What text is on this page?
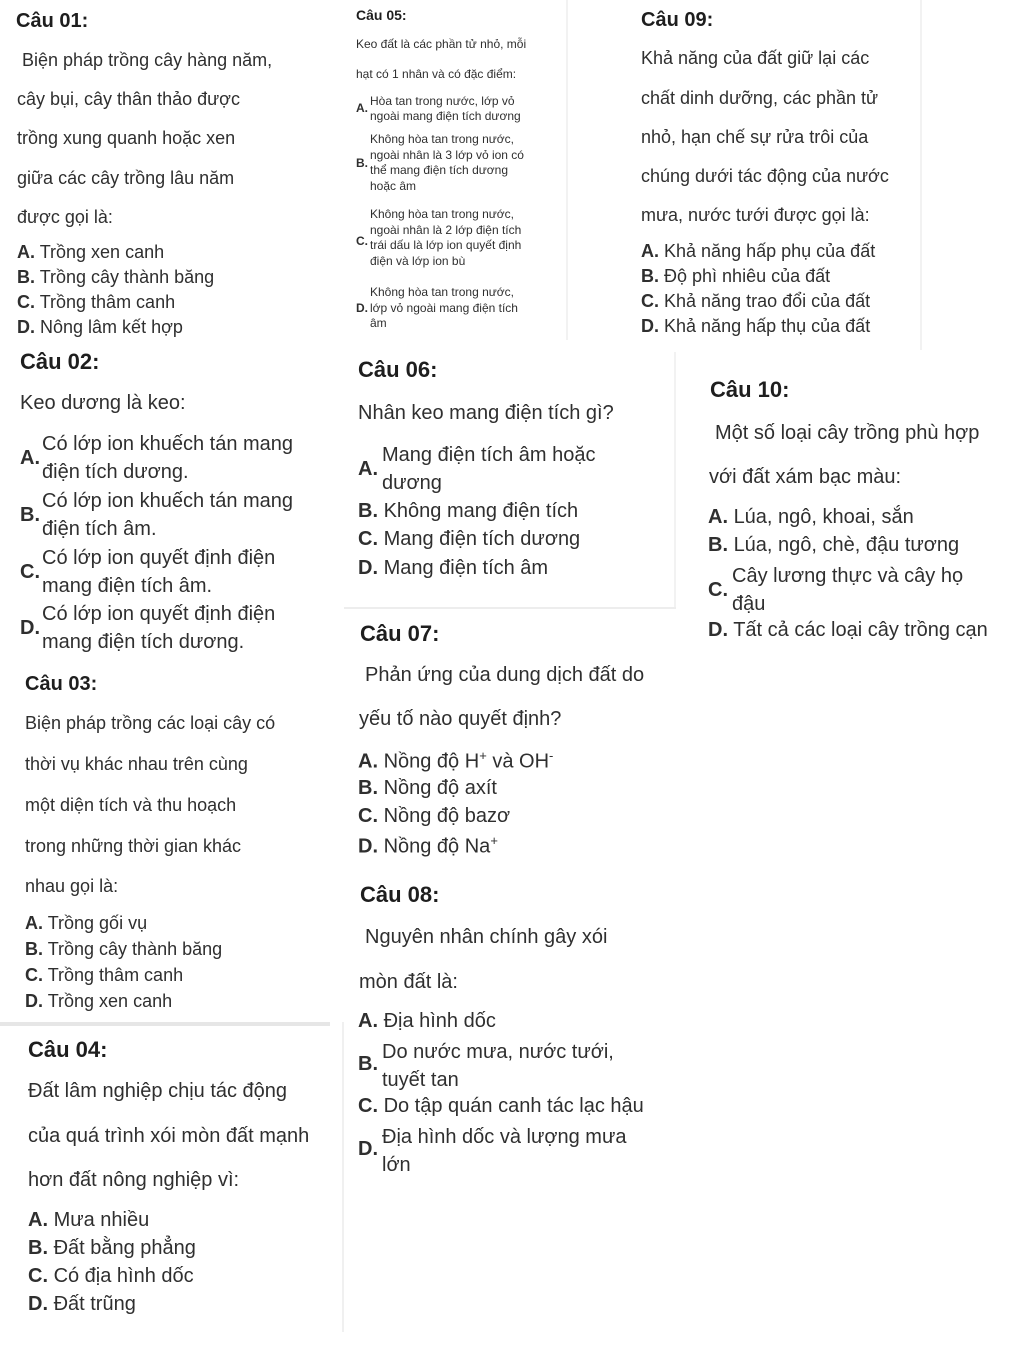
Câu 01:
Biện pháp trồng cây hàng năm,
cây bụi, cây thân thảo được
trồng xung quanh hoặc xen
giữa các cây trồng lâu năm
được gọi là:
A. Trồng xen canh
B. Trồng cây thành băng
C. Trồng thâm canh
D. Nông lâm kết hợp
Câu 05:
Keo đất là các phần tử nhỏ, mỗi
hạt có 1 nhân và có đặc điểm:
A. Hòa tan trong nước, lớp vỏ
ngoài mang điện tích dương
B.
Không hòa tan trong nước,
ngoài nhân là 3 lớp vỏ ion có
thể mang điện tích dương
hoặc âm
C.
Không hòa tan trong nước,
ngoài nhân là 2 lớp điện tích
trái dấu là lớp ion quyết định
điện và lớp ion bù
D.
Không hòa tan trong nước,
lớp vỏ ngoài mang điện tích
âm
Câu 09:
Khả năng của đất giữ lại các
chất dinh dưỡng, các phần tử
nhỏ, hạn chế sự rửa trôi của
chúng dưới tác động của nước
mưa, nước tưới được gọi là:
A. Khả năng hấp phụ của đất
B. Độ phì nhiêu của đất
C. Khả năng trao đổi của đất
D. Khả năng hấp thụ của đất
Câu 02:
Keo dương là keo:
A.
Có lớp ion khuếch tán mang
điện tích dương.
B.
Có lớp ion khuếch tán mang
điện tích âm.
C.
Có lớp ion quyết định điện
mang điện tích âm.
D.
Có lớp ion quyết định điện
mang điện tích dương.
Câu 06:
Nhân keo mang điện tích gì?
A.
Mang điện tích âm hoặc
dương
B. Không mang điện tích
C. Mang điện tích dương
D. Mang điện tích âm
Câu 10:
Một số loại cây trồng phù hợp
với đất xám bạc màu:
A. Lúa, ngô, khoai, sắn
B. Lúa, ngô, chè, đậu tương
C.
Cây lương thực và cây họ
đậu
D. Tất cả các loại cây trồng cạn
Câu 07:
Phản ứng của dung dịch đất do
yếu tố nào quyết định?
A. Nồng độ H+ và OH-
B. Nồng độ axít
C. Nồng độ bazơ
D. Nồng độ Na+
Câu 03:
Biện pháp trồng các loại cây có
thời vụ khác nhau trên cùng
một diện tích và thu hoạch
trong những thời gian khác
nhau gọi là:
A. Trồng gối vụ
B. Trồng cây thành băng
C. Trồng thâm canh
D. Trồng xen canh
Câu 08:
Nguyên nhân chính gây xói
mòn đất là:
A. Địa hình dốc
B.
Do nước mưa, nước tưới,
tuyết tan
C. Do tập quán canh tác lạc hậu
D.
Địa hình dốc và lượng mưa
lớn
Câu 04:
Đất lâm nghiệp chịu tác động
của quá trình xói mòn đất mạnh
hơn đất nông nghiệp vì:
A. Mưa nhiều
B. Đất bằng phẳng
C. Có địa hình dốc
D. Đất trũng
